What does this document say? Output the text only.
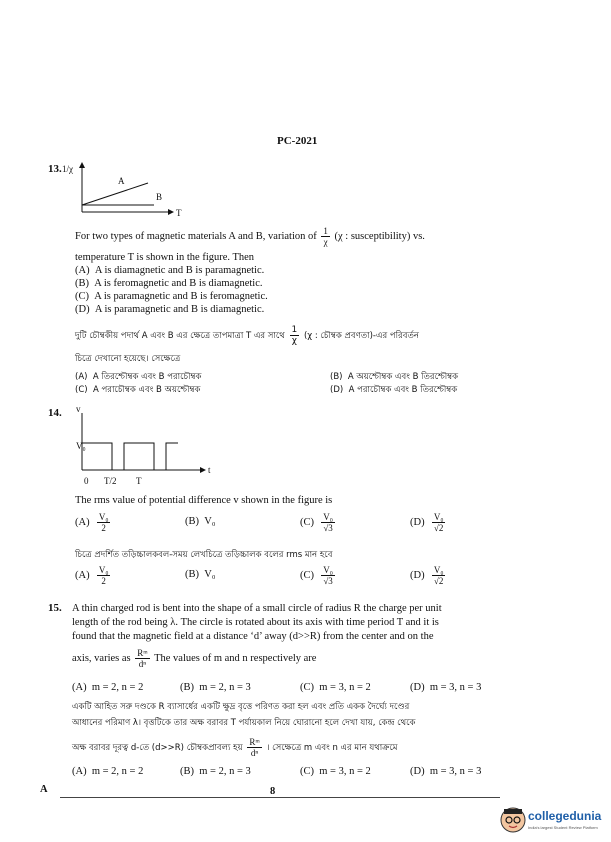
PC-2021
13. 1/χ
A
B
T
For two types of magnetic materials A and B, variation of $\frac{1}{\chi} (\chi$ : susceptibility) vs.
temperature T is shown in the figure. Then
(A) A is diamagnetic and B is paramagnetic.
(B) A is feromagnetic and B is diamagnetic.
(C) A is paramagnetic and B is feromagnetic.
(D) A is paramagnetic and B is diamagnetic.
দুটি চৌম্বকীয় পদার্থ A এবং B এর ক্ষেত্রে তাপমাত্রা T এর সাথে $\frac{1}{\chi} (\chi$ : চৌম্বক প্রবণতা)-এর পরিবর্তন
চিত্রে দেখানো হয়েছে। সেক্ষেত্রে
(A) A তিরশ্চৌম্বক এবং B পরাচৌম্বক	(B) A অয়শ্চৌম্বক এবং B তিরশ্চৌম্বক
(C) A পরাচৌম্বক এবং B অয়শ্চৌম্বক	(D) A পরাচৌম্বক এবং B তিরশ্চৌম্বক
14. v
V₀
t
0 T/2 T
The rms value of potential difference v shown in the figure is
$(A) \frac{\text{V₀}}{2}$	(B) V₀	$(C) \frac{\text{V₀}}{√3}$	$(D) \frac{\text{V₀}}{√2}$
চিত্রে প্রদর্শিত তড়িচ্চালকবল-সময় লেখচিত্রে তড়িচ্চালক বলের rms মান হবে
$(A) \frac{\text{V₀}}{2}$	(B) V₀	$(C) \frac{\text{V₀}}{√3}$	$(D) \frac{\text{V₀}}{√2}$
15. A thin charged rod is bent into the shape of a small circle of radius R the charge per unit
length of the rod being λ. The circle is rotated about its axis with time period T and it is
found that the magnetic field at a distance ‘d’ away (d>>R) from the center and on the
axis, varies as $\frac{\text{Rᵐ}}{\text{dⁿ}}$ The values of m and n respectively are
(A) m = 2, n = 2	(B) m = 2, n = 3	(C) m = 3, n = 2	(D) m = 3, n = 3
একটি আহিত সরু দণ্ডকে R ব্যাসার্ধের একটি ক্ষুদ্র বৃত্তে পরিণত করা হল এবং প্রতি একক দৈর্ঘ্যে দণ্ডের
আধানের পরিমাণ λ। বৃত্তটিকে তার অক্ষ বরাবর T পর্যায়কাল নিয়ে ঘোরানো হলে দেখা যায়, কেন্দ্র থেকে
অক্ষ বরাবর দূরত্ব d-তে (d>>R) চৌম্বকপ্রাবল্য হয় $\frac{\text{Rᵐ}}{\text{dⁿ}}$ । সেক্ষেত্রে m এবং n এর মান যথাক্রমে
(A) m = 2, n = 2	(B) m = 2, n = 3	(C) m = 3, n = 2	(D) m = 3, n = 3
A	8
collegedunia
India's largest Student Review Platform
